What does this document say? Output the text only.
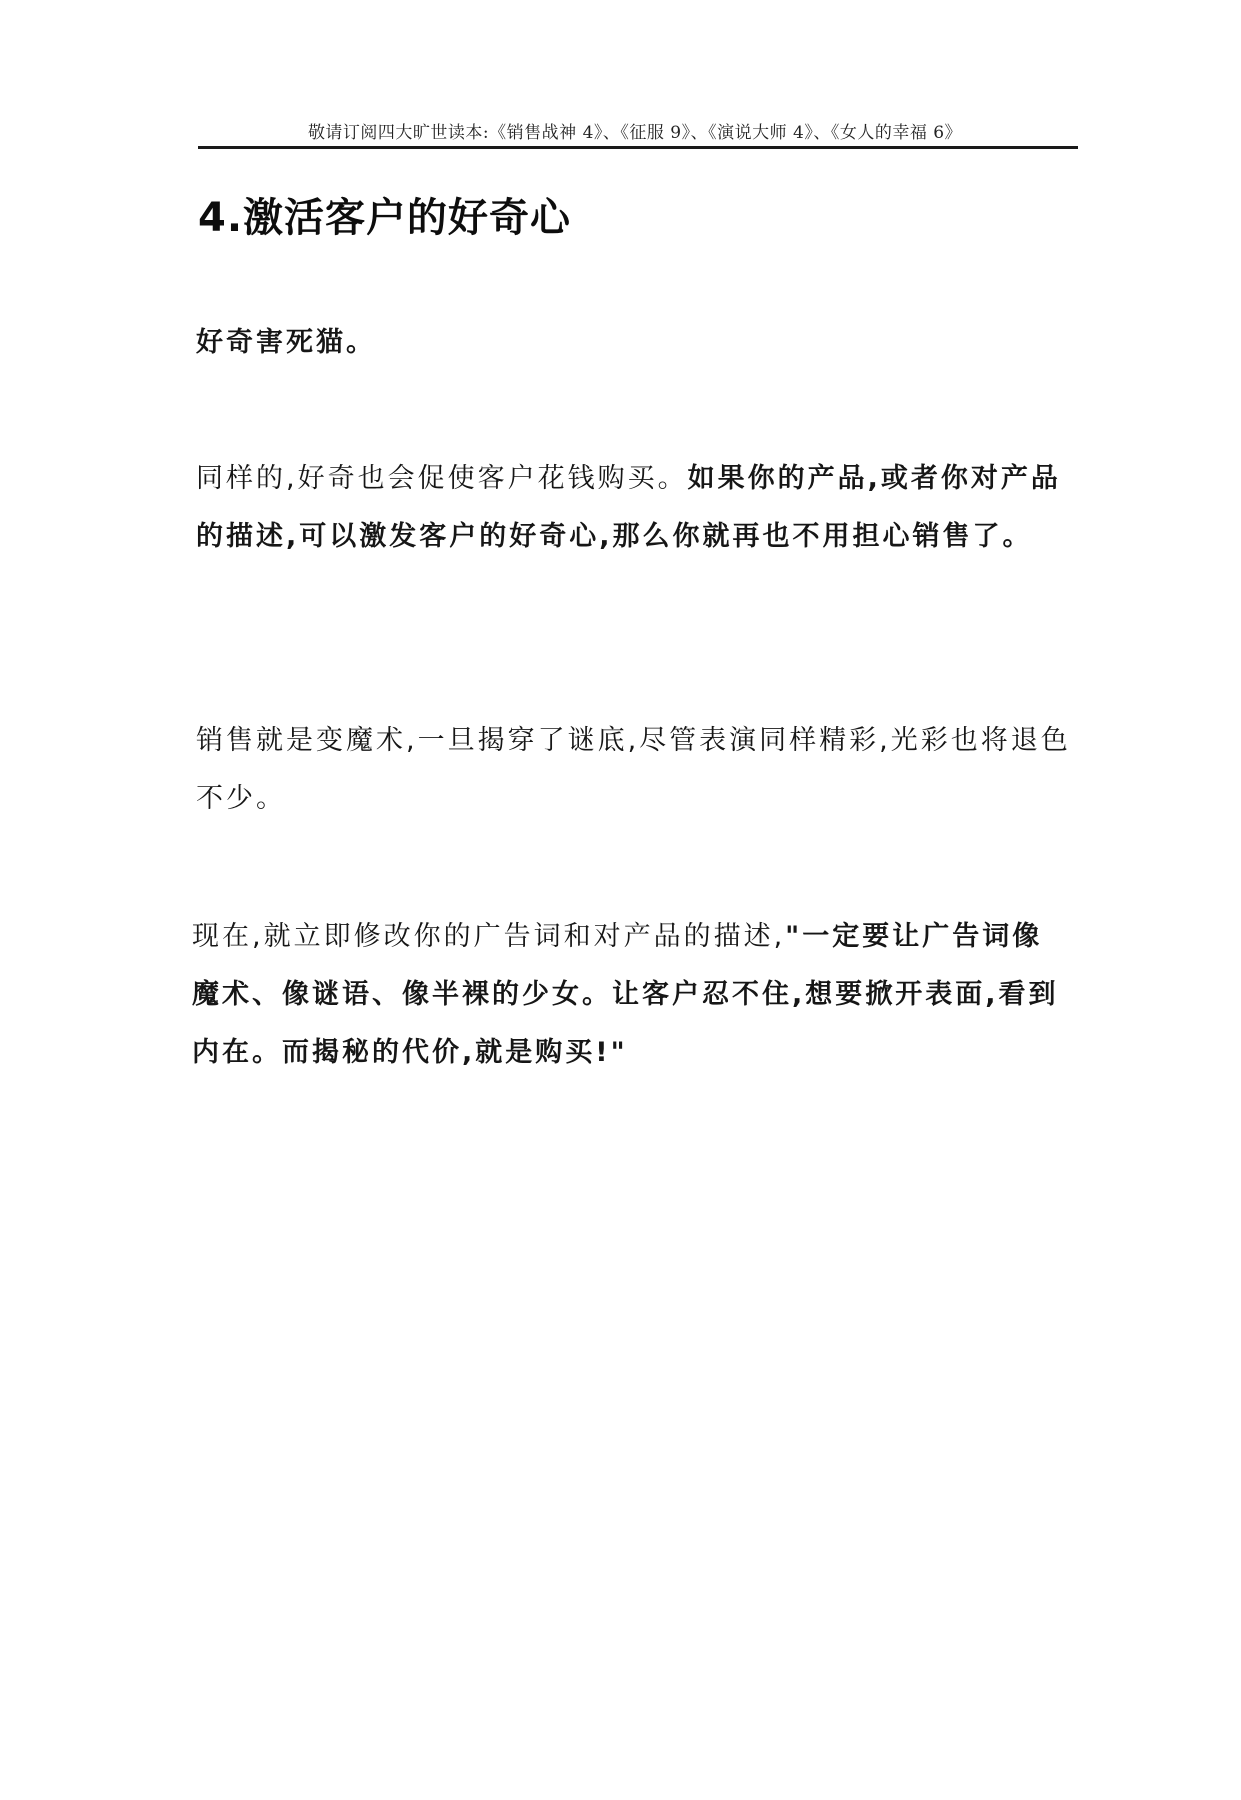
敬请订阅四大旷世读本:《销售战神 4》、《征服 9》、《演说大师 4》、《女人的幸福 6》
4.激活客户的好奇心
好奇害死猫。
同样的,好奇也会促使客户花钱购买。如果你的产品,或者你对产品的描述,可以激发客户的好奇心,那么你就再也不用担心销售了。
销售就是变魔术,一旦揭穿了谜底,尽管表演同样精彩,光彩也将退色不少。
现在,就立即修改你的广告词和对产品的描述,"一定要让广告词像魔术、像谜语、像半裸的少女。让客户忍不住,想要掀开表面,看到内在。而揭秘的代价,就是购买!"
